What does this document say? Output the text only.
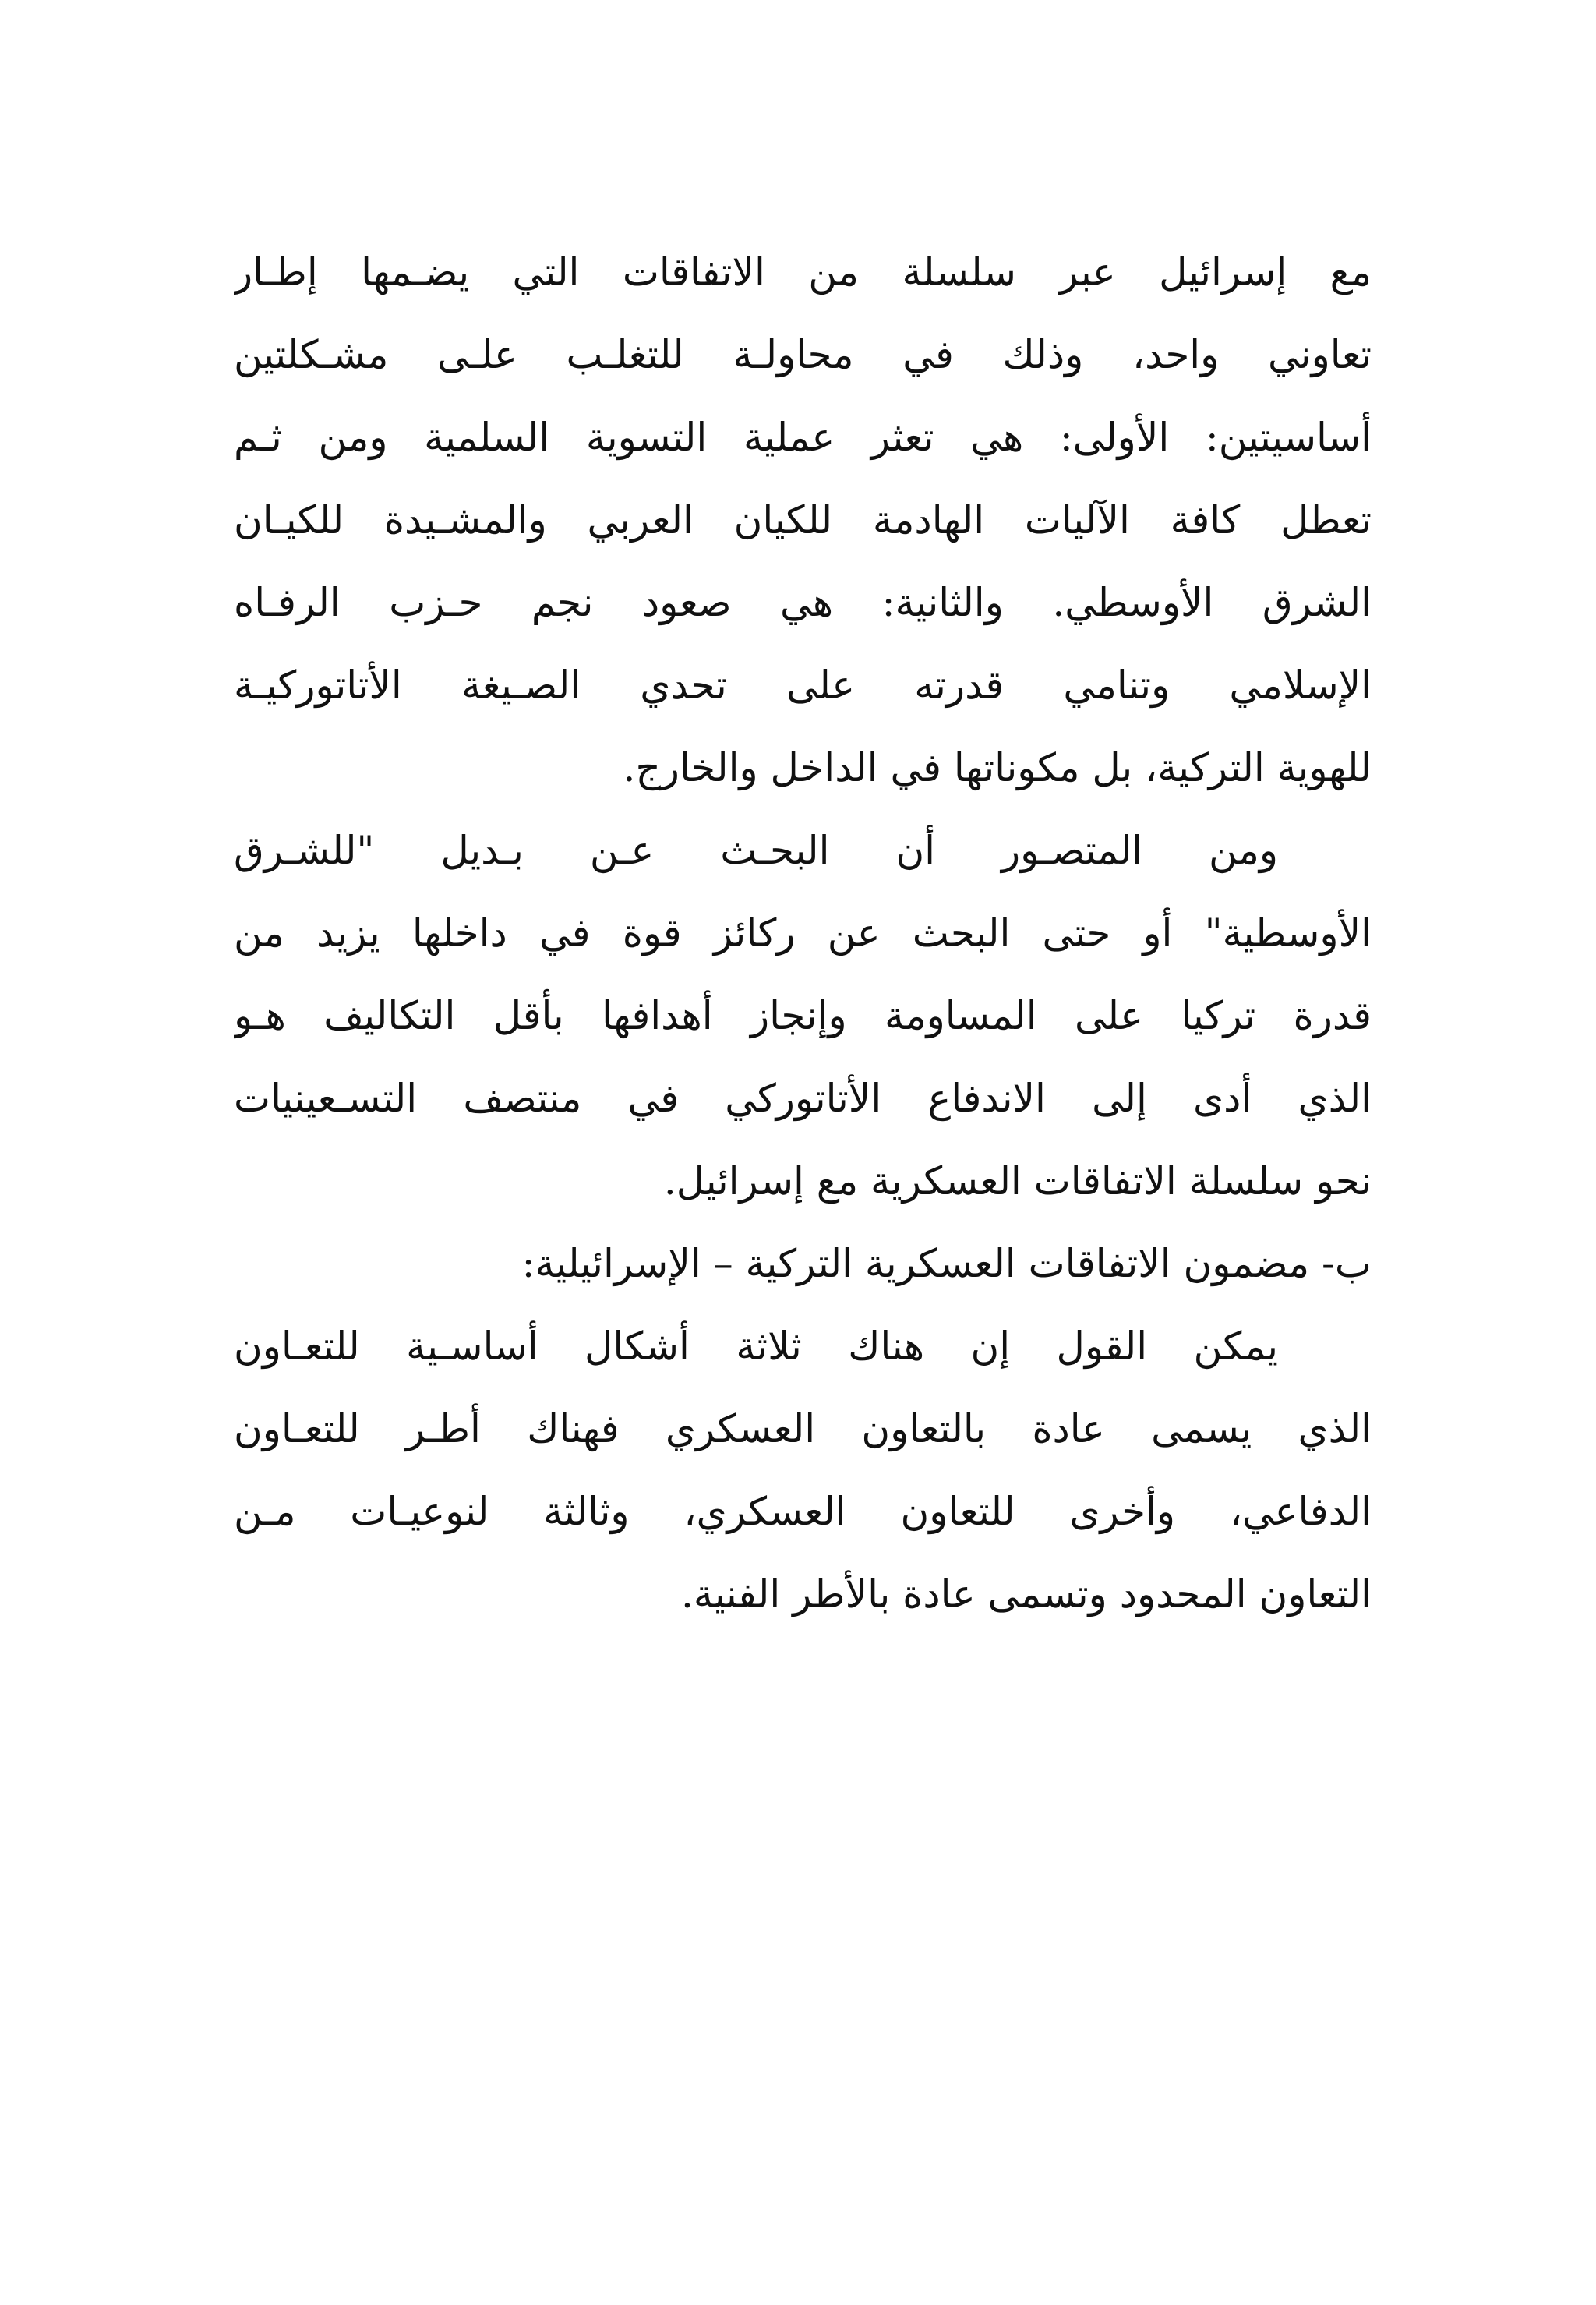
مع إسرائيل عبر سلسلة من الاتفاقات التي يضـمها إطـار
تعاوني واحد، وذلك في محاولـة للتغلـب علـى مشـكلتين
أساسيتين: الأولى: هي تعثر عملية التسوية السلمية ومن ثـم
تعطل كافة الآليات الهادمة للكيان العربي والمشـيدة للكيـان
الشرق الأوسطي. والثانية: هي صعود نجم حـزب الرفـاه
الإسلامي وتنامي قدرته على تحدي الصـيغة الأتاتوركيـة
للهوية التركية، بل مكوناتها في الداخل والخارج.
ومن المتصـور أن البحـث عـن بـديل "للشـرق
الأوسطية" أو حتى البحث عن ركائز قوة في داخلها يزيد من
قدرة تركيا على المساومة وإنجاز أهدافها بأقل التكاليف هـو
الذي أدى إلى الاندفاع الأتاتوركي في منتصف التسـعينيات
نحو سلسلة الاتفاقات العسكرية مع إسرائيل.
ب- مضمون الاتفاقات العسكرية التركية – الإسرائيلية:
يمكن القول إن هناك ثلاثة أشكال أساسـية للتعـاون
الذي يسمى عادة بالتعاون العسكري فهناك أطـر للتعـاون
الدفاعي، وأخرى للتعاون العسكري، وثالثة لنوعيـات مـن
التعاون المحدود وتسمى عادة بالأطر الفنية.
